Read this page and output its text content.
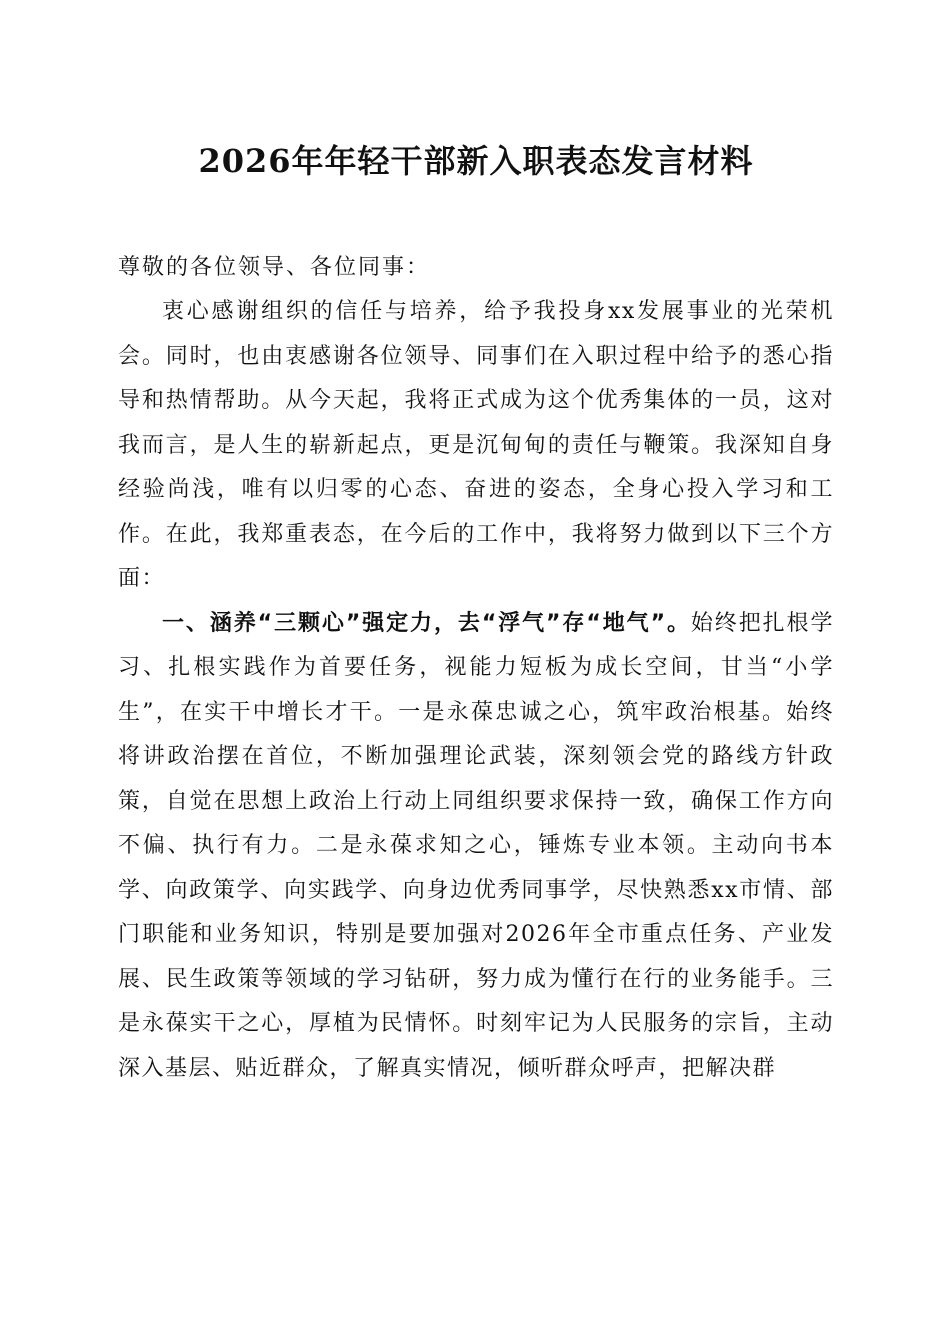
2026年年轻干部新入职表态发言材料

尊敬的各位领导、各位同事：

衷心感谢组织的信任与培养，给予我投身xx发展事业的光荣机会。同时，也由衷感谢各位领导、同事们在入职过程中给予的悉心指导和热情帮助。从今天起，我将正式成为这个优秀集体的一员，这对我而言，是人生的崭新起点，更是沉甸甸的责任与鞭策。我深知自身经验尚浅，唯有以归零的心态、奋进的姿态，全身心投入学习和工作。在此，我郑重表态，在今后的工作中，我将努力做到以下三个方面：

一、涵养“三颗心”强定力，去“浮气”存“地气”。始终把扎根学习、扎根实践作为首要任务，视能力短板为成长空间，甘当“小学生”，在实干中增长才干。一是永葆忠诚之心，筑牢政治根基。始终将讲政治摆在首位，不断加强理论武装，深刻领会党的路线方针政策，自觉在思想上政治上行动上同组织要求保持一致，确保工作方向不偏、执行有力。二是永葆求知之心，锤炼专业本领。主动向书本学、向政策学、向实践学、向身边优秀同事学，尽快熟悉xx市情、部门职能和业务知识，特别是要加强对2026年全市重点任务、产业发展、民生政策等领域的学习钻研，努力成为懂行在行的业务能手。三是永葆实干之心，厚植为民情怀。时刻牢记为人民服务的宗旨，主动深入基层、贴近群众，了解真实情况，倾听群众呼声，把解决群
